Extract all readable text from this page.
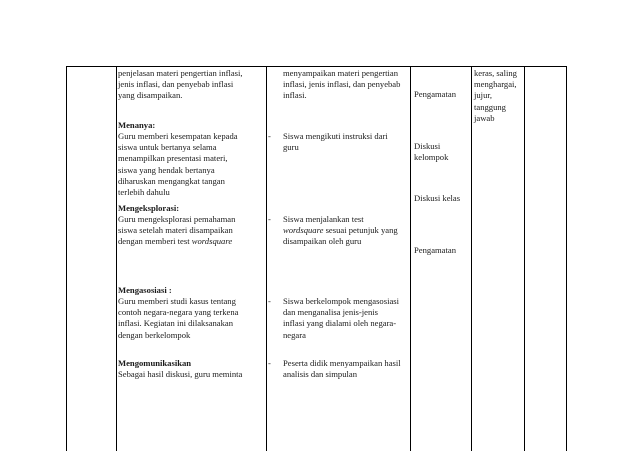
penjelasan materi pengertian inflasi,
jenis inflasi, dan penyebab inflasi
yang disampaikan.
Menanya:
Guru memberi kesempatan kepada
siswa untuk bertanya selama
menampilkan presentasi materi,
siswa yang hendak bertanya
diharuskan mengangkat tangan
terlebih dahulu
Mengeksplorasi:
Guru mengeksplorasi pemahaman
siswa setelah materi disampaikan
dengan memberi test wordsquare
Mengasosiasi :
Guru memberi studi kasus tentang
contoh negara-negara yang terkena
inflasi. Kegiatan ini dilaksanakan
dengan berkelompok
Mengomunikasikan
Sebagai hasil diskusi, guru meminta
menyampaikan materi pengertian
inflasi, jenis inflasi, dan penyebab
inflasi.
- Siswa mengikuti instruksi dari
guru
- Siswa menjalankan test
wordsquare sesuai petunjuk yang
disampaikan oleh guru
- Siswa berkelompok mengasosiasi
dan menganalisa jenis-jenis
inflasi yang dialami oleh negara-
negara
- Peserta didik menyampaikan hasil
analisis dan simpulan
Pengamatan
Diskusi
kelompok
Diskusi kelas
Pengamatan
keras, saling
menghargai,
jujur,
tanggung
jawab
